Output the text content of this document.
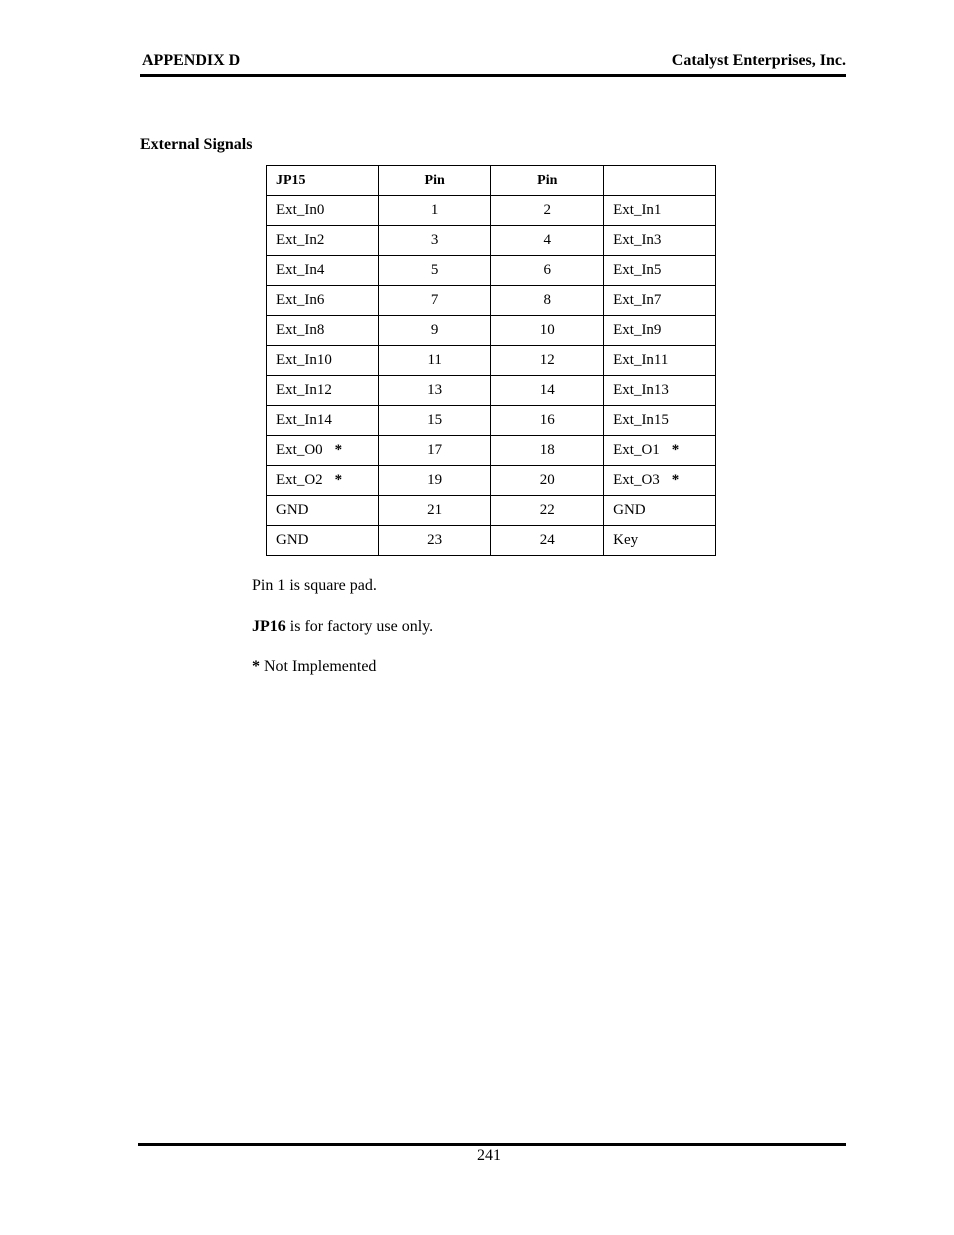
APPENDIX D	Catalyst Enterprises, Inc.
External Signals
JP15	Pin	Pin	
Ext_In0	1	2	Ext_In1
Ext_In2	3	4	Ext_In3
Ext_In4	5	6	Ext_In5
Ext_In6	7	8	Ext_In7
Ext_In8	9	10	Ext_In9
Ext_In10	11	12	Ext_In11
Ext_In12	13	14	Ext_In13
Ext_In14	15	16	Ext_In15
Ext_O0 *	17	18	Ext_O1 *
Ext_O2 *	19	20	Ext_O3 *
GND	21	22	GND
GND	23	24	Key
Pin 1 is square pad.
JP16 is for factory use only.
* Not Implemented
241
